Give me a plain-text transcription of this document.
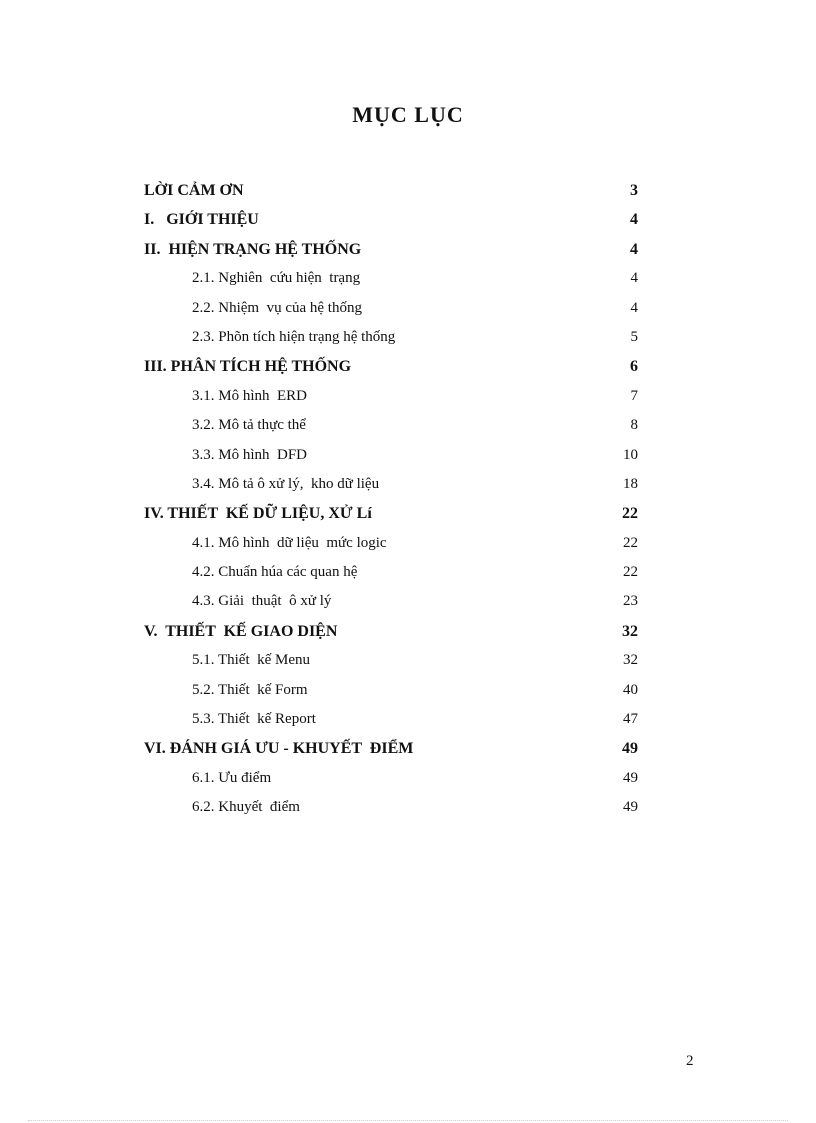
MỤC LỤC
LỜI CẢM ƠN	3
I.   GIỚI THIỆU	4
II.  HIỆN TRẠNG HỆ THỐNG	4
2.1. Nghiên  cứu hiện  trạng	4
2.2. Nhiệm  vụ của hệ thống	4
2.3. Phõn tích hiện trạng hệ thống	5
III. PHÂN TÍCH HỆ THỐNG	6
3.1. Mô hình  ERD	7
3.2. Mô tả thực thể	8
3.3. Mô hình  DFD	10
3.4. Mô tả ô xử lý,  kho dữ liệu	18
IV. THIẾT  KẾ DỮ LIỆU, XỬ Lí	22
4.1. Mô hình  dữ liệu  mức logic	22
4.2. Chuẩn húa các quan hệ	22
4.3. Giải  thuật  ô xử lý	23
V.  THIẾT  KẾ GIAO DIỆN	32
5.1. Thiết  kế Menu	32
5.2. Thiết  kế Form	40
5.3. Thiết  kế Report	47
VI. ĐÁNH GIÁ ƯU - KHUYẾT  ĐIỂM	49
6.1. Ưu điểm	49
6.2. Khuyết  điểm	49
2
